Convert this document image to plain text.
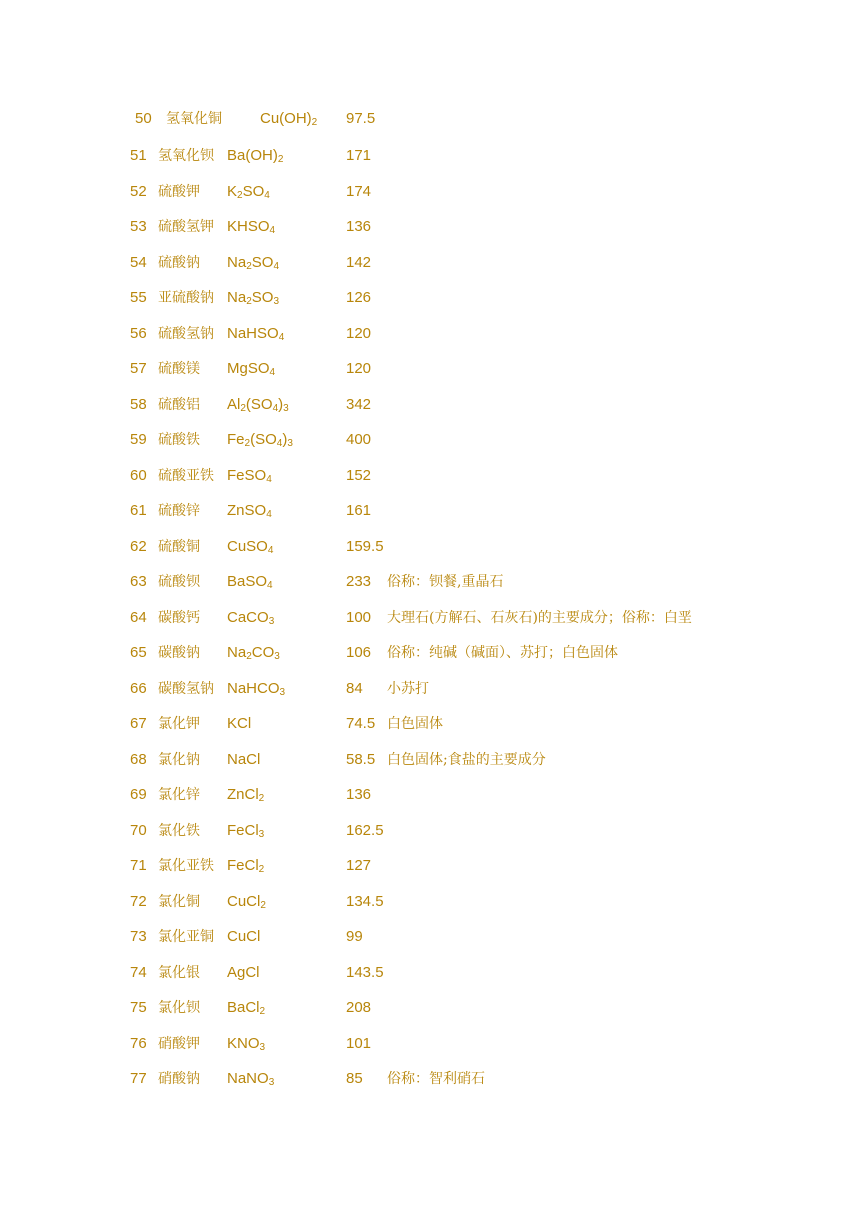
50 氢氧化铜	$Cu(OH)_2$ 97.5
51 氢氧化钡 $Ba(OH)_2$	171
52 硫酸钾 $K_2SO_4$	174
53 硫酸氢钾 $KHSO_4$	136
54 硫酸钠 $Na_2SO_4$	142
55 亚硫酸钠 $Na_2SO_3$	126
56 硫酸氢钠 NaHSO$_4$	120
57 硫酸镁 MgSO$_4$	120
58 硫酸铝 $Al_2(SO_4)_3$	342
59 硫酸铁 $Fe_2(SO_4)_3$	400
60 硫酸亚铁 FeSO$_4$	152
61 硫酸锌 ZnSO$_4$	161
62 硫酸铜 CuSO$_4$	159.5
63 硫酸钡 BaSO$_4$	233 俗称：钡餐,重晶石
64 碳酸钙 CaCO$_3$	100 大理石(方解石、石灰石)的主要成分；俗称：白垩
65 碳酸钠 $Na_2CO_3$	106 俗称：纯碱（碱面）、苏打；白色固体
66 碳酸氢钠 NaHCO$_3$	84 小苏打
67 氯化钾 KCl	74.5 白色固体
68 氯化钠 NaCl	58.5 白色固体;食盐的主要成分
69 氯化锌 ZnCl$_2$	136
70 氯化铁 FeCl$_3$	162.5
71 氯化亚铁 FeCl$_2$	127
72 氯化铜 CuCl$_2$	134.5
73 氯化亚铜 CuCl	99
74 氯化银 AgCl	143.5
75 氯化钡 BaCl$_2$	208
76 硝酸钾 $KNO_3$	101
77 硝酸钠 NaNO$_3$	85 俗称：智利硝石
